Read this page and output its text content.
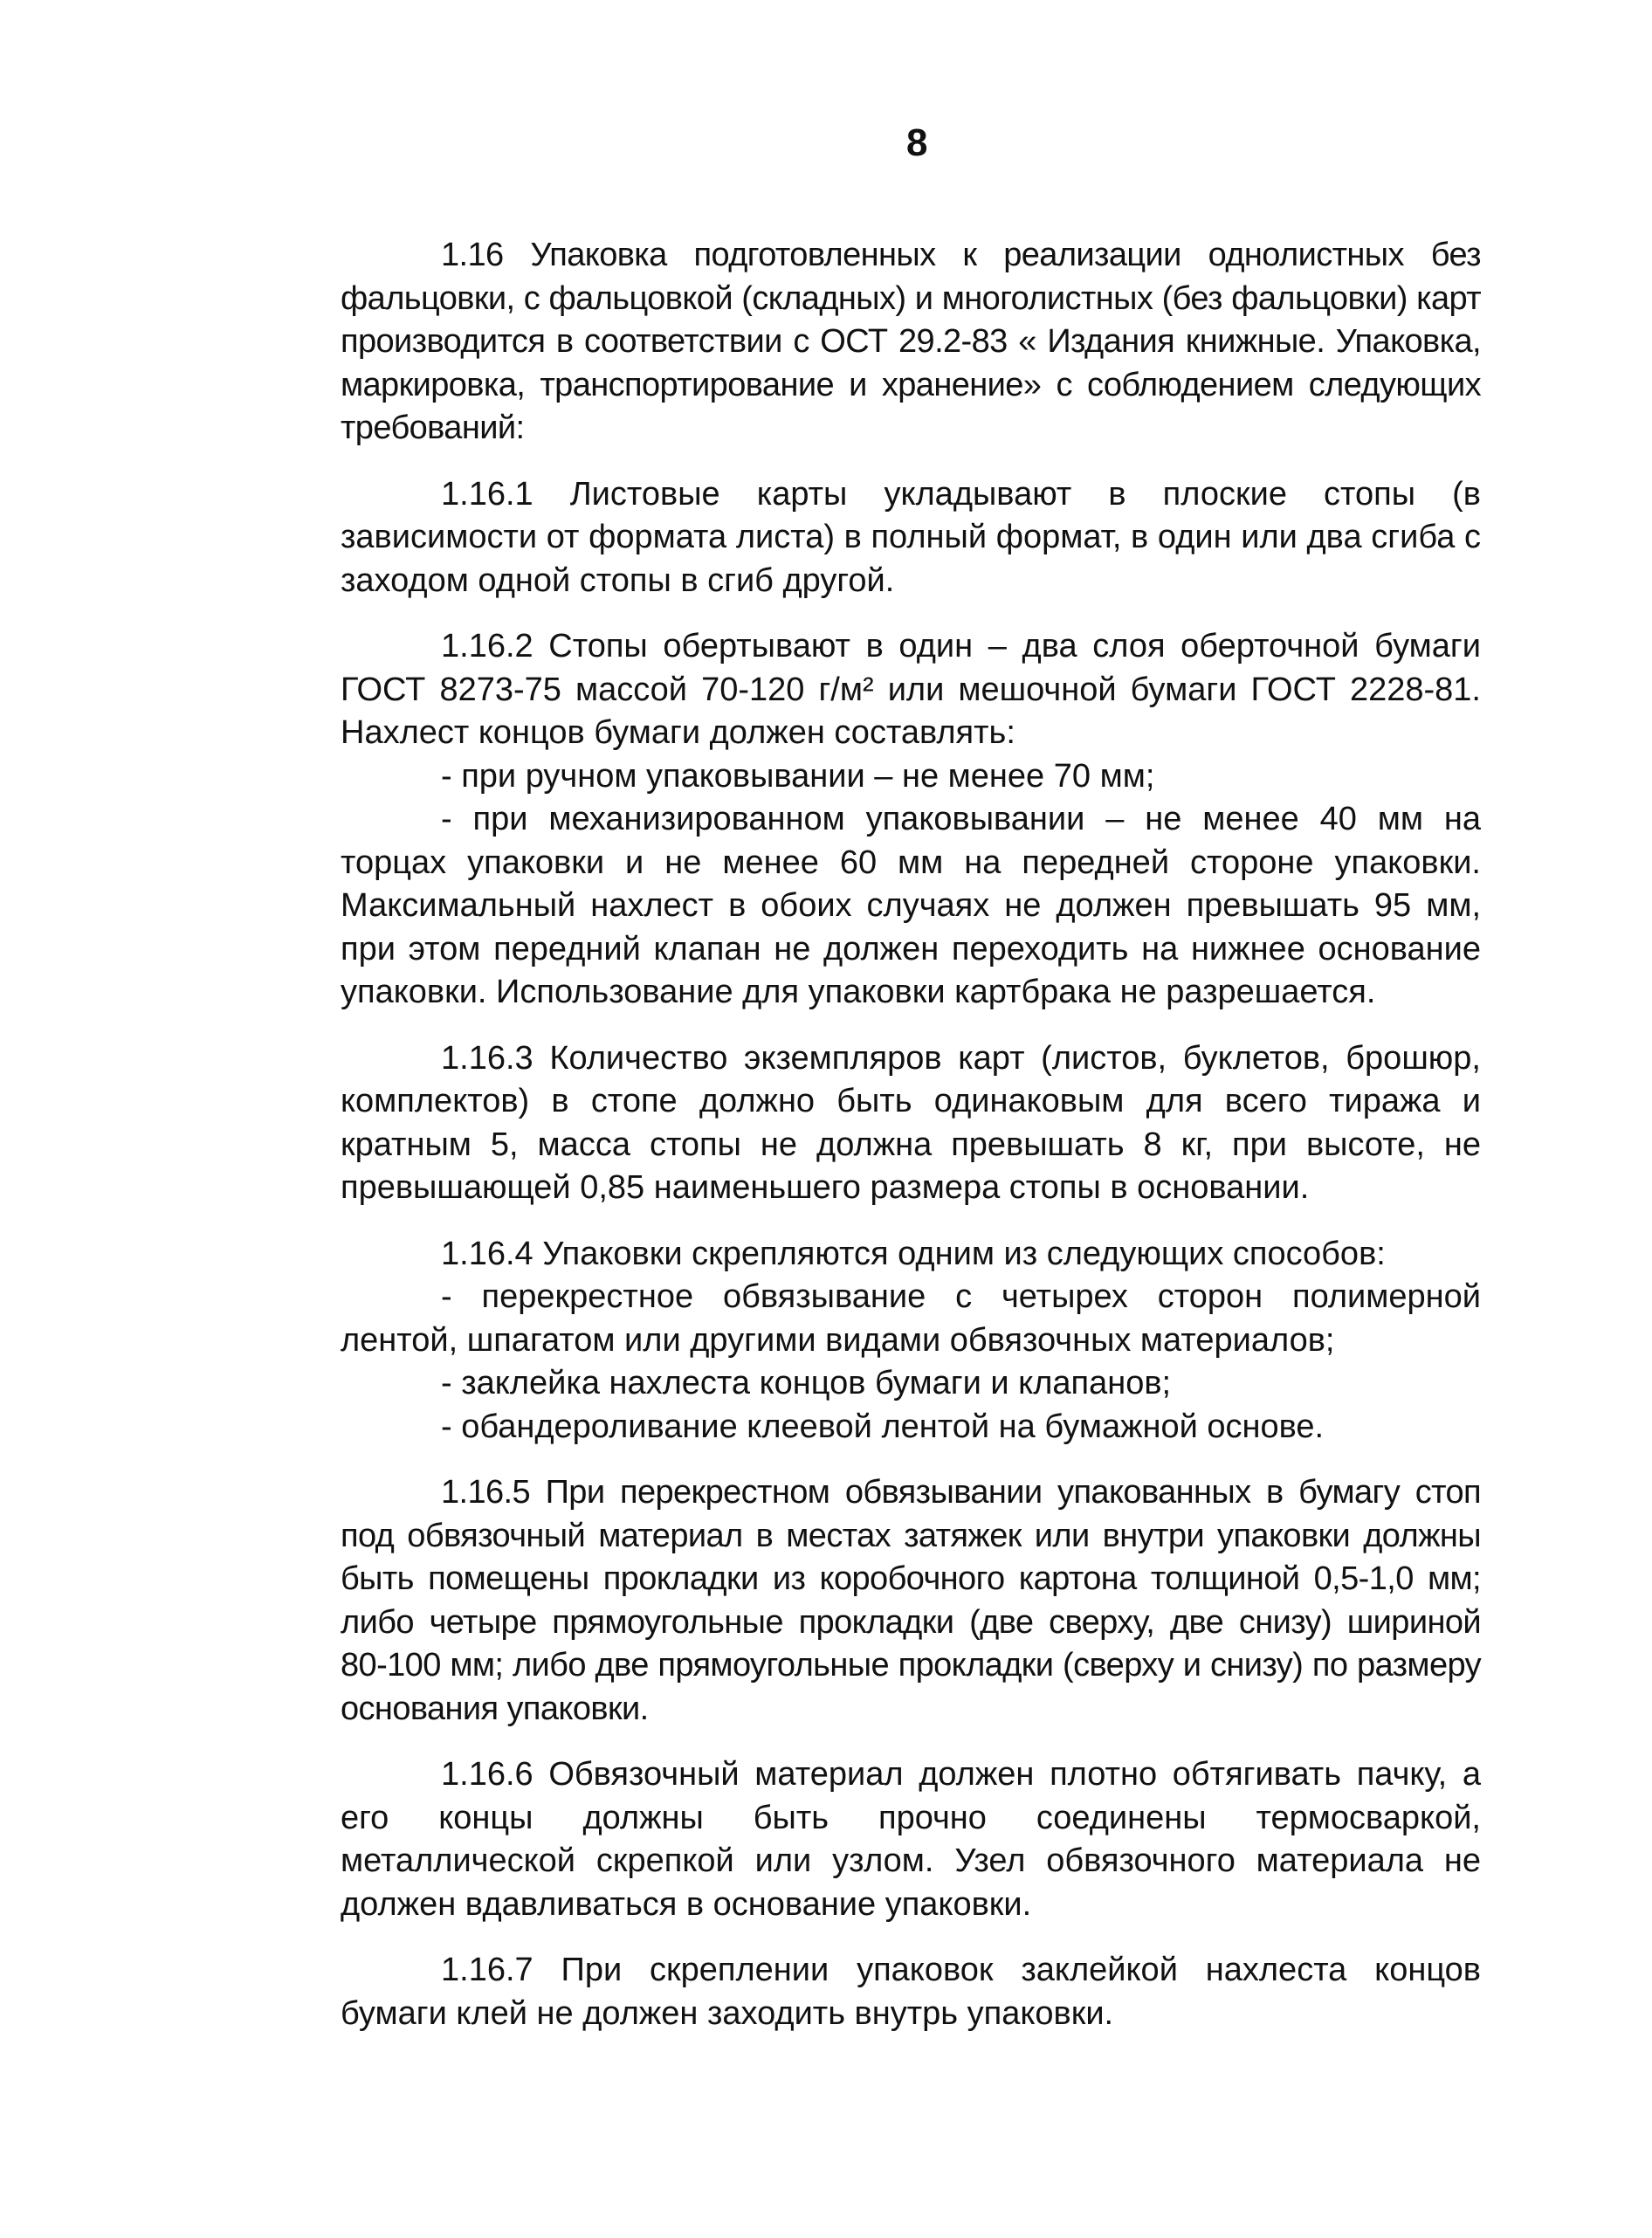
8

1.16 Упаковка подготовленных к реализации однолистных без фальцовки, с фальцовкой (складных) и многолистных (без фальцовки) карт производится в соответствии с ОСТ 29.2-83 « Издания книжные. Упаковка, маркировка, транспортирование и хранение» с соблюдением следующих требований:

1.16.1 Листовые карты укладывают в плоские стопы (в зависимости от формата листа) в полный формат, в один или два сгиба с заходом одной стопы в сгиб другой.

1.16.2 Стопы обертывают в один – два слоя оберточной бумаги ГОСТ 8273-75 массой 70-120 г/м² или мешочной бумаги ГОСТ 2228-81. Нахлест концов бумаги должен составлять:

- при ручном упаковывании – не менее 70 мм;

- при механизированном упаковывании – не менее 40 мм на торцах упаковки и не менее 60 мм на передней стороне упаковки. Максимальный нахлест в обоих случаях не должен превышать 95 мм, при этом передний клапан не должен переходить на нижнее основание упаковки. Использование для упаковки картбрака не разрешается.

1.16.3 Количество экземпляров карт (листов, буклетов, брошюр, комплектов) в стопе должно быть одинаковым для всего тиража и кратным 5, масса стопы не должна превышать 8 кг, при высоте, не превышающей 0,85 наименьшего размера стопы в основании.

1.16.4 Упаковки скрепляются одним из следующих способов:

- перекрестное обвязывание с четырех сторон полимерной лентой, шпагатом или другими видами обвязочных материалов;

- заклейка нахлеста концов бумаги и клапанов;

- обандероливание клеевой лентой на бумажной основе.

1.16.5 При перекрестном обвязывании упакованных в бумагу стоп под обвязочный материал в местах затяжек или внутри упаковки должны быть помещены прокладки из коробочного картона толщиной 0,5-1,0 мм; либо четыре прямоугольные прокладки (две сверху, две снизу) шириной 80-100 мм; либо две прямоугольные прокладки (сверху и снизу) по размеру основания упаковки.

1.16.6 Обвязочный материал должен плотно обтягивать пачку, а его концы должны быть прочно соединены термосваркой, металлической скрепкой или узлом. Узел обвязочного материала не должен вдавливаться в основание упаковки.

1.16.7 При скреплении упаковок заклейкой нахлеста концов бумаги клей не должен заходить внутрь упаковки.
